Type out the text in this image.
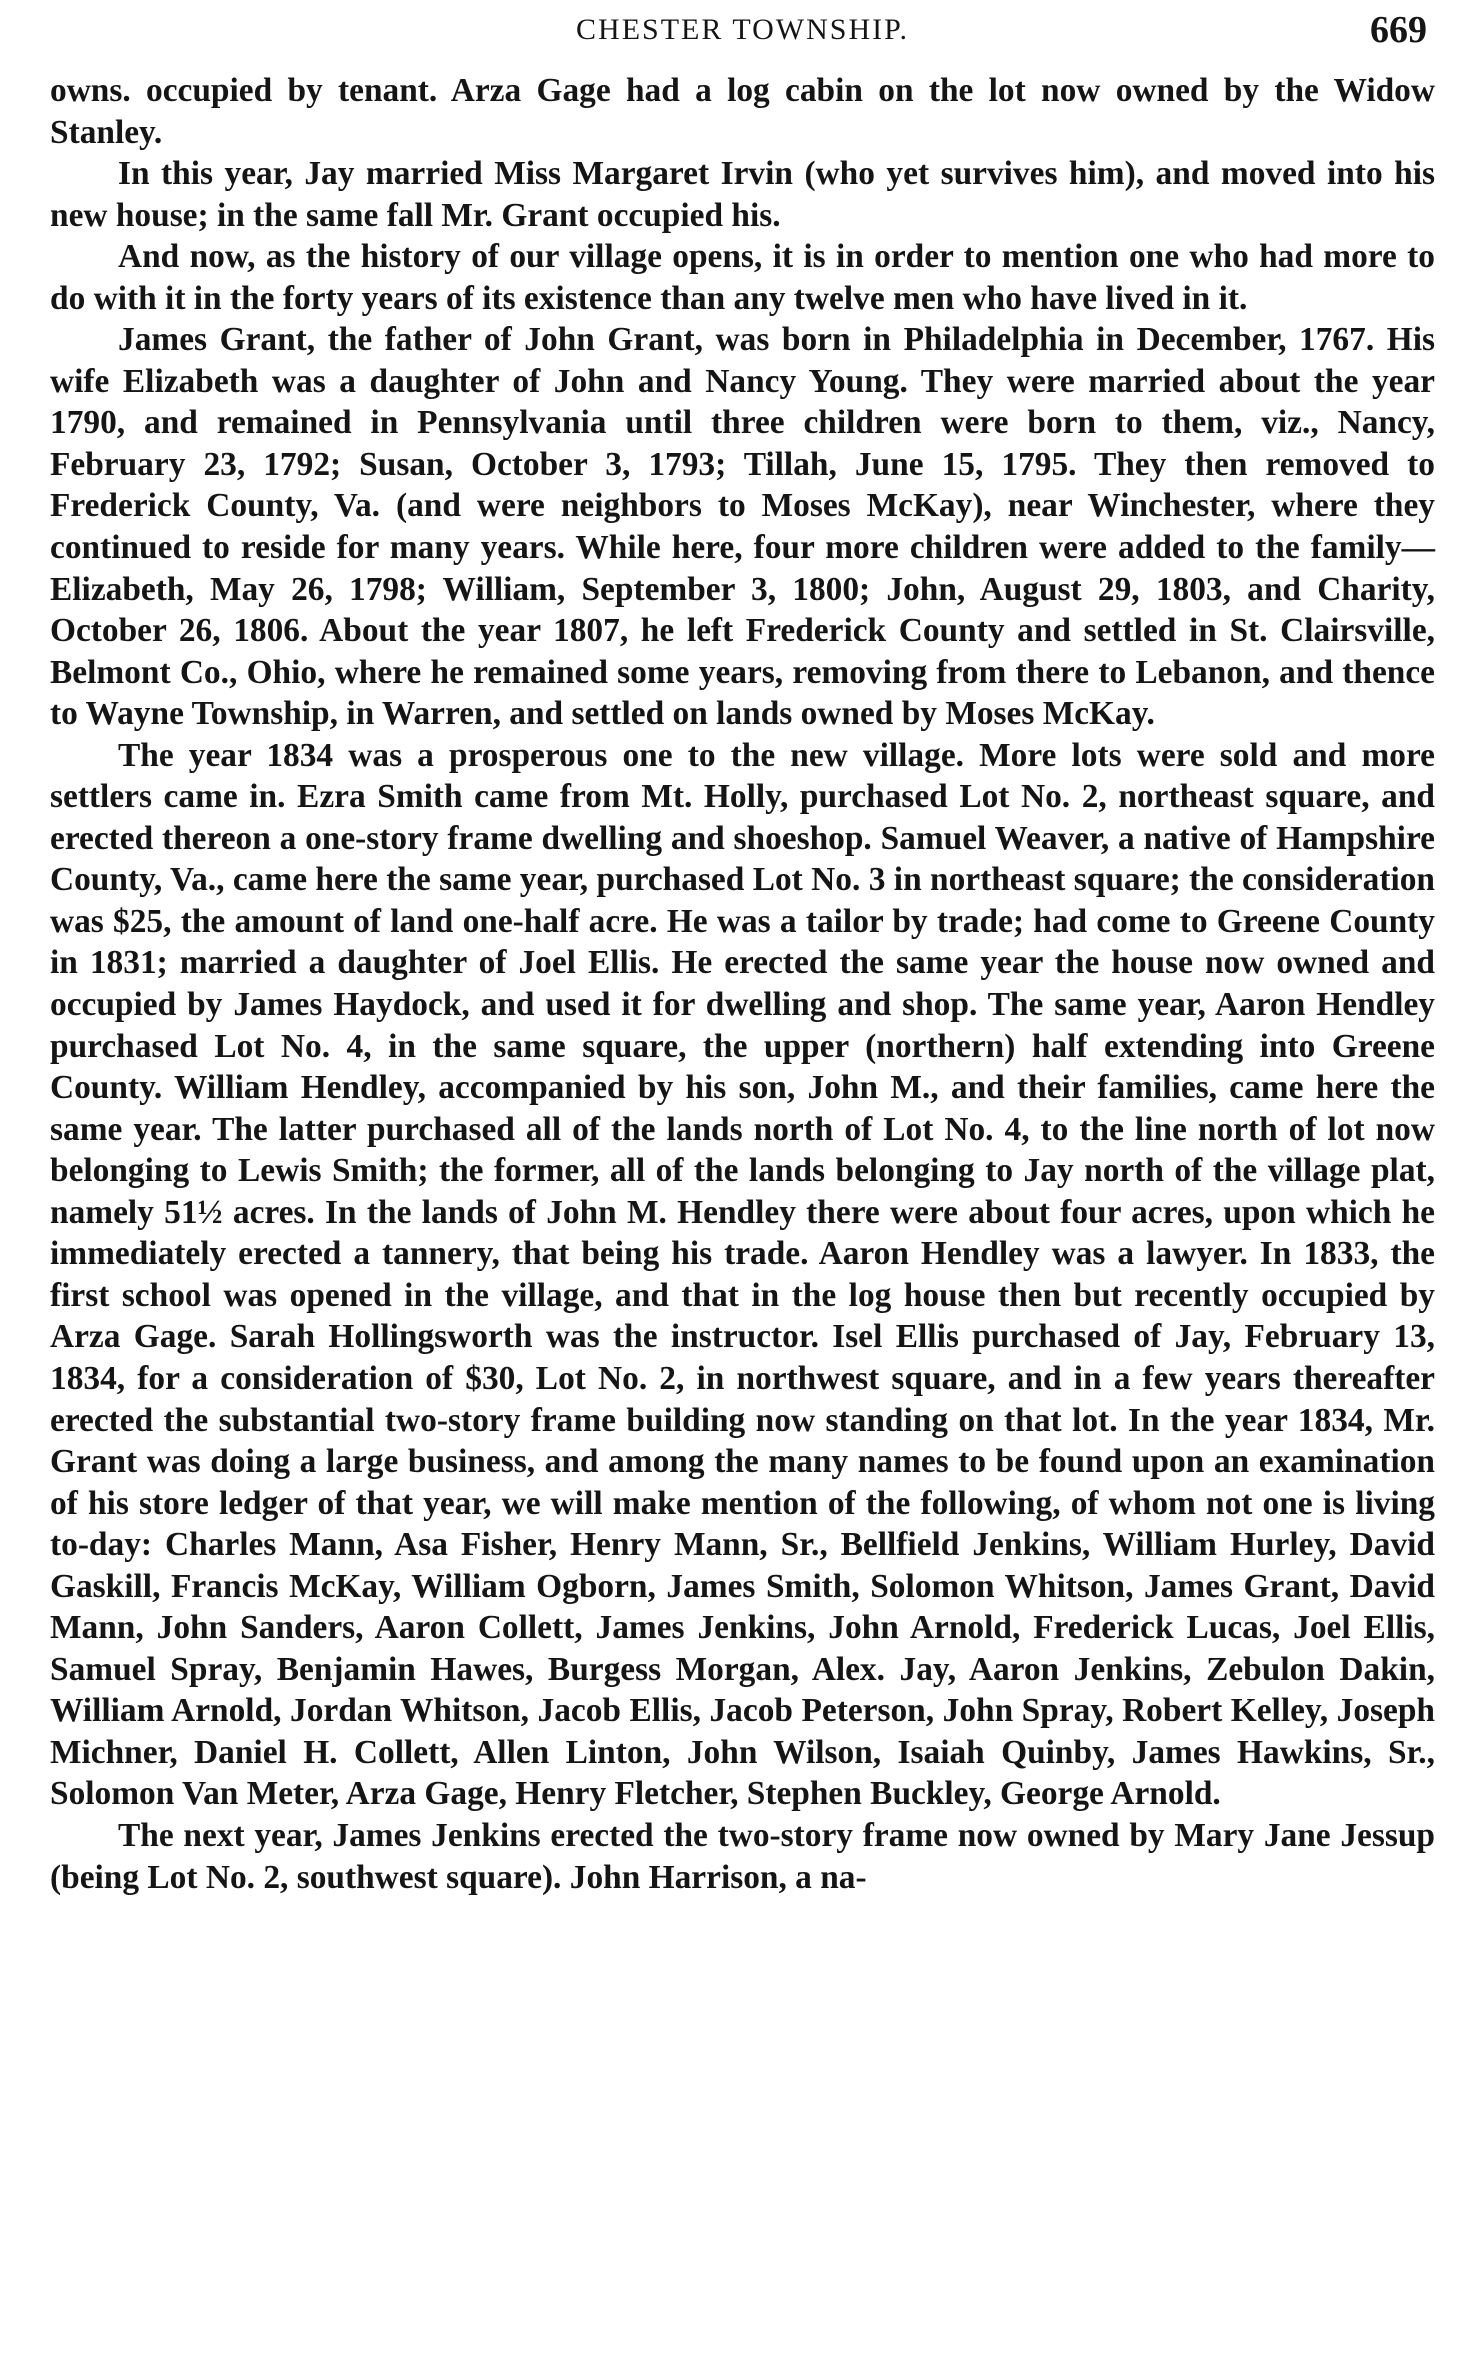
CHESTER TOWNSHIP.	669

owns. occupied by tenant. Arza Gage had a log cabin on the lot now owned by the Widow Stanley.

In this year, Jay married Miss Margaret Irvin (who yet survives him), and moved into his new house; in the same fall Mr. Grant occupied his.

And now, as the history of our village opens, it is in order to mention one who had more to do with it in the forty years of its existence than any twelve men who have lived in it.

James Grant, the father of John Grant, was born in Philadelphia in December, 1767. His wife Elizabeth was a daughter of John and Nancy Young. They were married about the year 1790, and remained in Pennsylvania until three children were born to them, viz., Nancy, February 23, 1792; Susan, October 3, 1793; Tillah, June 15, 1795. They then removed to Frederick County, Va. (and were neighbors to Moses McKay), near Winchester, where they continued to reside for many years. While here, four more children were added to the family—Elizabeth, May 26, 1798; William, September 3, 1800; John, August 29, 1803, and Charity, October 26, 1806. About the year 1807, he left Frederick County and settled in St. Clairsville, Belmont Co., Ohio, where he remained some years, removing from there to Lebanon, and thence to Wayne Township, in Warren, and settled on lands owned by Moses McKay.

The year 1834 was a prosperous one to the new village. More lots were sold and more settlers came in. Ezra Smith came from Mt. Holly, purchased Lot No. 2, northeast square, and erected thereon a one-story frame dwelling and shoeshop. Samuel Weaver, a native of Hampshire County, Va., came here the same year, purchased Lot No. 3 in northeast square; the consideration was $25, the amount of land one-half acre. He was a tailor by trade; had come to Greene County in 1831; married a daughter of Joel Ellis. He erected the same year the house now owned and occupied by James Haydock, and used it for dwelling and shop. The same year, Aaron Hendley purchased Lot No. 4, in the same square, the upper (northern) half extending into Greene County. William Hendley, accompanied by his son, John M., and their families, came here the same year. The latter purchased all of the lands north of Lot No. 4, to the line north of lot now belonging to Lewis Smith; the former, all of the lands belonging to Jay north of the village plat, namely 51½ acres. In the lands of John M. Hendley there were about four acres, upon which he immediately erected a tannery, that being his trade. Aaron Hendley was a lawyer. In 1833, the first school was opened in the village, and that in the log house then but recently occupied by Arza Gage. Sarah Hollingsworth was the instructor. Isel Ellis purchased of Jay, February 13, 1834, for a consideration of $30, Lot No. 2, in northwest square, and in a few years thereafter erected the substantial two-story frame building now standing on that lot. In the year 1834, Mr. Grant was doing a large business, and among the many names to be found upon an examination of his store ledger of that year, we will make mention of the following, of whom not one is living to-day: Charles Mann, Asa Fisher, Henry Mann, Sr., Bellfield Jenkins, William Hurley, David Gaskill, Francis McKay, William Ogborn, James Smith, Solomon Whitson, James Grant, David Mann, John Sanders, Aaron Collett, James Jenkins, John Arnold, Frederick Lucas, Joel Ellis, Samuel Spray, Benjamin Hawes, Burgess Morgan, Alex. Jay, Aaron Jenkins, Zebulon Dakin, William Arnold, Jordan Whitson, Jacob Ellis, Jacob Peterson, John Spray, Robert Kelley, Joseph Michner, Daniel H. Collett, Allen Linton, John Wilson, Isaiah Quinby, James Hawkins, Sr., Solomon Van Meter, Arza Gage, Henry Fletcher, Stephen Buckley, George Arnold.

The next year, James Jenkins erected the two-story frame now owned by Mary Jane Jessup (being Lot No. 2, southwest square). John Harrison, a na-
